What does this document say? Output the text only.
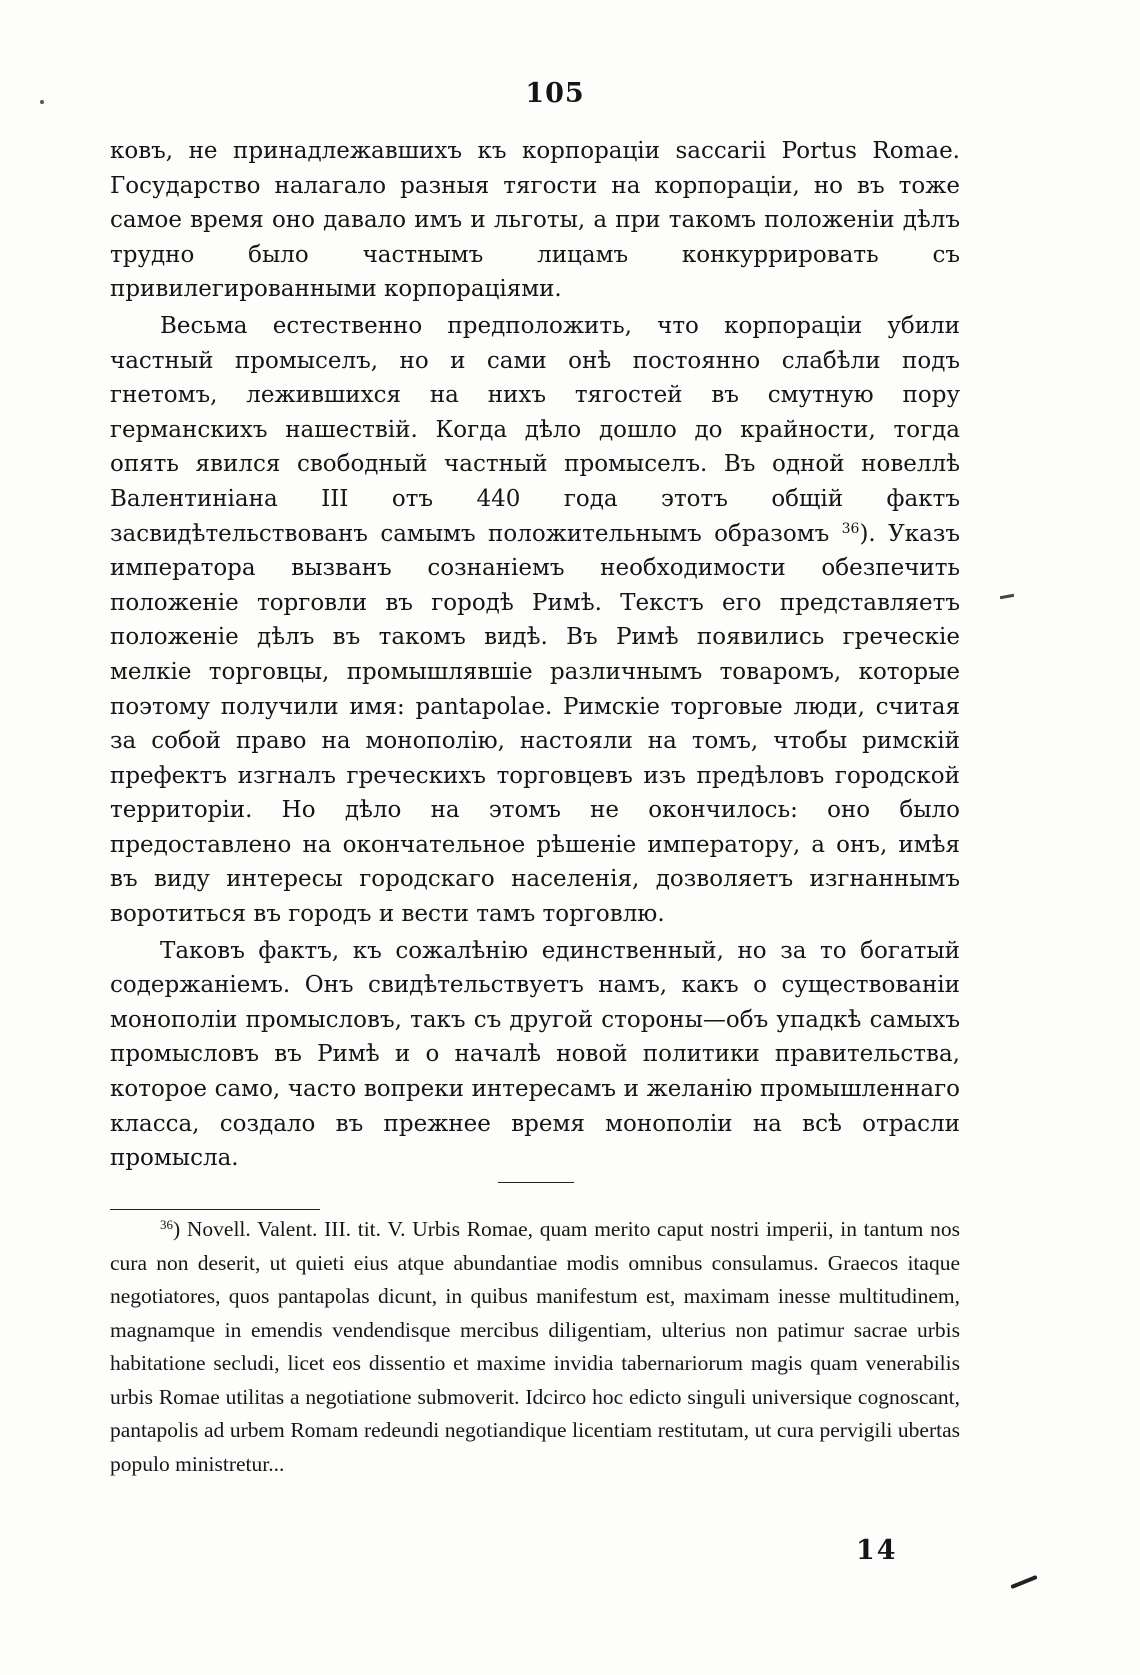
105

ковъ, не принадлежавшихъ къ корпораціи saccarii Portus Romae. Государство налагало разныя тягости на корпораціи, но въ тоже самое время оно давало имъ и льготы, а при такомъ положеніи дѣлъ трудно было частнымъ лицамъ конкуррировать съ привилегированными корпораціями.

Весьма естественно предположить, что корпораціи убили частный промыселъ, но и сами онѣ постоянно слабѣли подъ гнетомъ, лежившихся на нихъ тягостей въ смутную пору германскихъ нашествій. Когда дѣло дошло до крайности, тогда опять явился свободный частный промыселъ. Въ одной новеллѣ Валентиніана III отъ 440 года этотъ общій фактъ засвидѣтельствованъ самымъ положительнымъ образомъ $^{36}$). Указъ императора вызванъ сознаніемъ необходимости обезпечить положеніе торговли въ городѣ Римѣ. Текстъ его представляетъ положеніе дѣлъ въ такомъ видѣ. Въ Римѣ появились греческіе мелкіе торговцы, промышлявшіе различнымъ товаромъ, которые поэтому получили имя: pantapolae. Римскіе торговые люди, считая за собой право на монополію, настояли на томъ, чтобы римскій префектъ изгналъ греческихъ торговцевъ изъ предѣловъ городской территоріи. Но дѣло на этомъ не окончилось: оно было предоставлено на окончательное рѣшеніе императору, а онъ, имѣя въ виду интересы городскаго населенія, дозволяетъ изгнаннымъ воротиться въ городъ и вести тамъ торговлю.

Таковъ фактъ, къ сожалѣнію единственный, но за то богатый содержаніемъ. Онъ свидѣтельствуетъ намъ, какъ о существованіи монополіи промысловъ, такъ съ другой стороны—объ упадкѣ самыхъ промысловъ въ Римѣ и о началѣ новой политики правительства, которое само, часто вопреки интересамъ и желанію промышленнаго класса, создало въ прежнее время монополіи на всѣ отрасли промысла.

$^{36}$) Novell. Valent. III. tit. V. Urbis Romae, quam merito caput nostri imperii, in tantum nos cura non deserit, ut quieti eius atque abundantiae modis omnibus consulamus. Graecos itaque negotiatores, quos pantapolas dicunt, in quibus manifestum est, maximam inesse multitudinem, magnamque in emendis vendendisque mercibus diligentiam, ulterius non patimur sacrae urbis habitatione secludi, licet eos dissentio et maxime invidia tabernariorum magis quam venerabilis urbis Romae utilitas a negotiatione submoverit. Idcirco hoc edicto singuli universique cognoscant, pantapolis ad urbem Romam redeundi negotiandique licentiam restitutam, ut cura pervigili ubertas populo ministretur...

14
